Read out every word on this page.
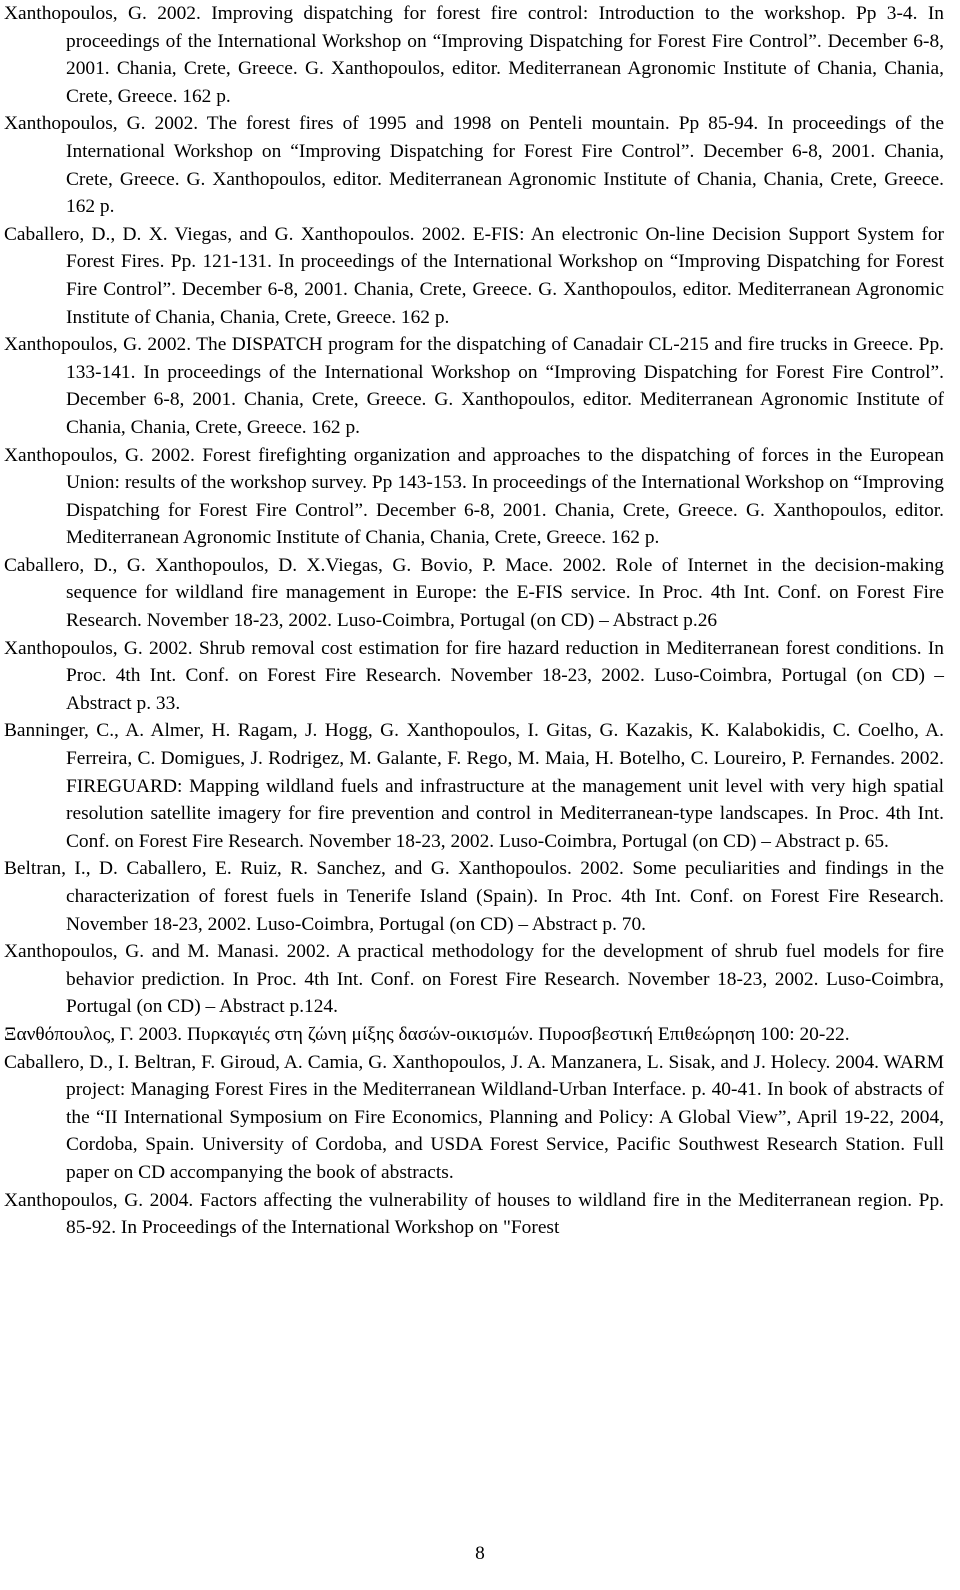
Xanthopoulos, G. 2002. Improving dispatching for forest fire control: Introduction to the workshop. Pp 3-4. In proceedings of the International Workshop on “Improving Dispatching for Forest Fire Control”. December 6-8, 2001. Chania, Crete, Greece. G. Xanthopoulos, editor. Mediterranean Agronomic Institute of Chania, Chania, Crete, Greece. 162 p.

Xanthopoulos, G. 2002. The forest fires of 1995 and 1998 on Penteli mountain. Pp 85-94. In proceedings of the International Workshop on “Improving Dispatching for Forest Fire Control”. December 6-8, 2001. Chania, Crete, Greece. G. Xanthopoulos, editor. Mediterranean Agronomic Institute of Chania, Chania, Crete, Greece. 162 p.

Caballero, D., D. X. Viegas, and G. Xanthopoulos. 2002. E-FIS: An electronic On-line Decision Support System for Forest Fires. Pp. 121-131. In proceedings of the International Workshop on “Improving Dispatching for Forest Fire Control”. December 6-8, 2001. Chania, Crete, Greece. G. Xanthopoulos, editor. Mediterranean Agronomic Institute of Chania, Chania, Crete, Greece. 162 p.

Xanthopoulos, G. 2002. The DISPATCH program for the dispatching of Canadair CL-215 and fire trucks in Greece. Pp. 133-141. In proceedings of the International Workshop on “Improving Dispatching for Forest Fire Control”. December 6-8, 2001. Chania, Crete, Greece. G. Xanthopoulos, editor. Mediterranean Agronomic Institute of Chania, Chania, Crete, Greece. 162 p.

Xanthopoulos, G. 2002. Forest firefighting organization and approaches to the dispatching of forces in the European Union: results of the workshop survey. Pp 143-153. In proceedings of the International Workshop on “Improving Dispatching for Forest Fire Control”. December 6-8, 2001. Chania, Crete, Greece. G. Xanthopoulos, editor. Mediterranean Agronomic Institute of Chania, Chania, Crete, Greece. 162 p.

Caballero, D., G. Xanthopoulos, D. X.Viegas, G. Bovio, P. Mace. 2002. Role of Internet in the decision-making sequence for wildland fire management in Europe: the E-FIS service. In Proc. 4th Int. Conf. on Forest Fire Research. November 18-23, 2002. Luso-Coimbra, Portugal (on CD) – Abstract p.26

Xanthopoulos, G. 2002. Shrub removal cost estimation for fire hazard reduction in Mediterranean forest conditions. In Proc. 4th Int. Conf. on Forest Fire Research. November 18-23, 2002. Luso-Coimbra, Portugal (on CD) – Abstract p. 33.

Banninger, C., A. Almer, H. Ragam, J. Hogg, G. Xanthopoulos, I. Gitas, G. Kazakis, K. Kalabokidis, C. Coelho, A. Ferreira, C. Domigues, J. Rodrigez, M. Galante, F. Rego, M. Maia, H. Botelho, C. Loureiro, P. Fernandes. 2002. FIREGUARD: Mapping wildland fuels and infrastructure at the management unit level with very high spatial resolution satellite imagery for fire prevention and control in Mediterranean-type landscapes. In Proc. 4th Int. Conf. on Forest Fire Research. November 18-23, 2002. Luso-Coimbra, Portugal (on CD) – Abstract p. 65.

Beltran, I., D. Caballero, E. Ruiz, R. Sanchez, and G. Xanthopoulos. 2002. Some peculiarities and findings in the characterization of forest fuels in Tenerife Island (Spain). In Proc. 4th Int. Conf. on Forest Fire Research. November 18-23, 2002. Luso-Coimbra, Portugal (on CD) – Abstract p. 70.

Xanthopoulos, G. and M. Manasi. 2002. A practical methodology for the development of shrub fuel models for fire behavior prediction. In Proc. 4th Int. Conf. on Forest Fire Research. November 18-23, 2002. Luso-Coimbra, Portugal (on CD) – Abstract p.124.

Ξανθόπουλος, Γ. 2003. Πυρκαγιές στη ζώνη μίξης δασών-οικισμών. Πυροσβεστική Επιθεώρηση 100: 20-22.

Caballero, D., I. Beltran, F. Giroud, A. Camia, G. Xanthopoulos, J. A. Manzanera, L. Sisak, and J. Holecy. 2004. WARM project: Managing Forest Fires in the Mediterranean Wildland-Urban Interface. p. 40-41. In book of abstracts of the “II International Symposium on Fire Economics, Planning and Policy: A Global View”, April 19-22, 2004, Cordoba, Spain. University of Cordoba, and USDA Forest Service, Pacific Southwest Research Station. Full paper on CD accompanying the book of abstracts.

Xanthopoulos, G. 2004. Factors affecting the vulnerability of houses to wildland fire in the Mediterranean region. Pp. 85-92. In Proceedings of the International Workshop on "Forest

8
